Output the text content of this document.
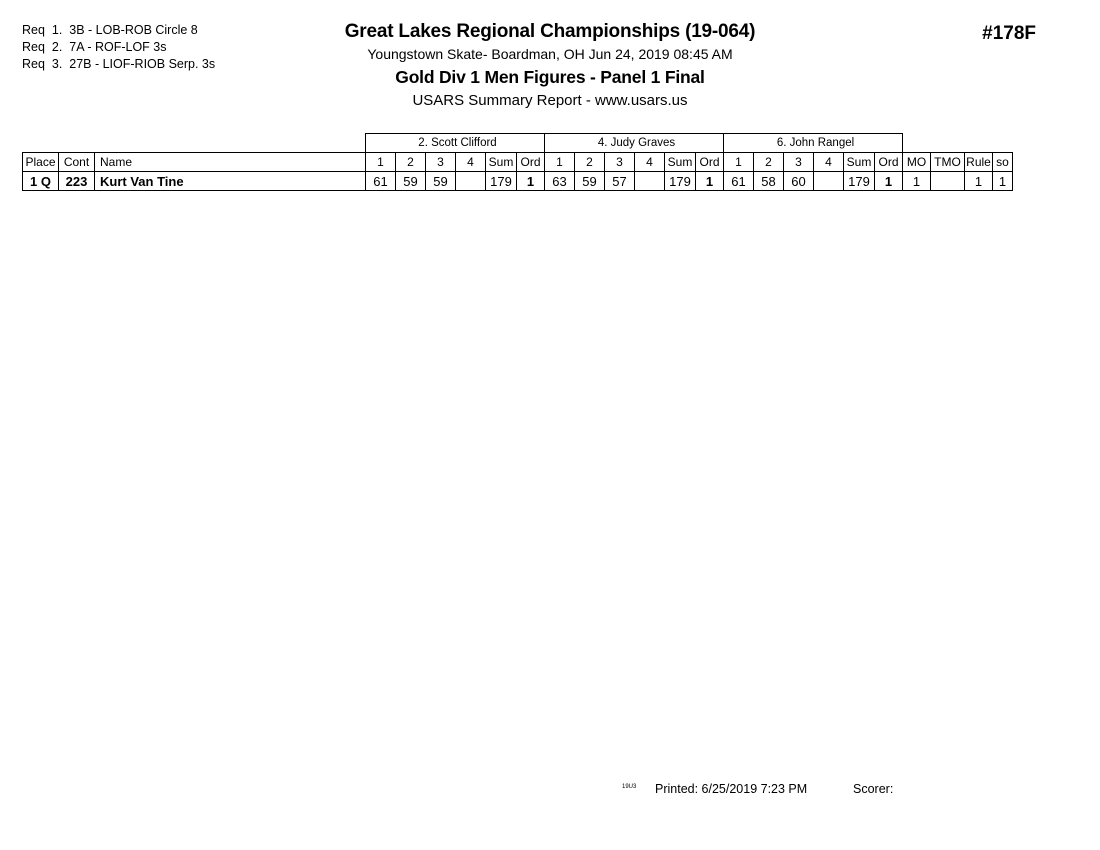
Req  1.  3B - LOB-ROB Circle 8
Req  2.  7A - ROF-LOF 3s
Req  3.  27B - LIOF-RIOB Serp. 3s
Great Lakes Regional Championships (19-064)
Youngstown Skate- Boardman, OH Jun 24, 2019 08:45 AM
Gold Div 1 Men Figures - Panel 1 Final
USARS Summary Report - www.usars.us
#178F
			2. Scott Clifford						4. Judy Graves						6. John Rangel									
Place	Cont	Name	1	2	3	4	Sum	Ord	1	2	3	4	Sum	Ord	1	2	3	4	Sum	Ord	MO	TMO	Rule	so
1 Q	223	Kurt Van Tine	61	59	59		179	1	63	59	57		179	1	61	58	60		179	1	1		1	1
19U3 Printed: 6/25/2019 7:23 PM	Scorer:
